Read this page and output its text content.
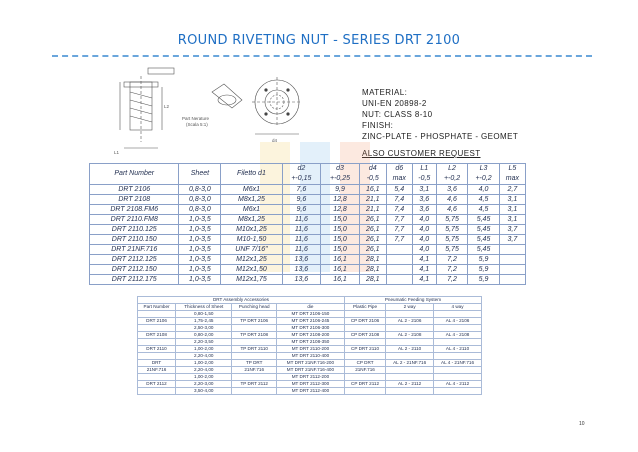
ROUND RIVETING NUT - SERIES DRT 2100
Part Nerature
(Scala 5:1)
L1
L2
d4
MATERIAL:
UNI-EN 20898-2
NUT: CLASS 8-10
FINISH:
ZINC-PLATE - PHOSPHATE - GEOMET
ALSO CUSTOMER REQUEST
Part Number	Sheet	Filetto d1	d2	d3	d4	d6	L1	L2	L3	L5
			+-0,15	+-0,25	-0,5	max	-0,5	+-0,2	+-0,2	max
DRT 2106	0,8-3,0	M6x1	7,6	9,9	16,1	5,4	3,1	3,6	4,0	2,7
DRT 2108	0,8-3,0	M8x1,25	9,6	12,8	21,1	7,4	3,6	4,6	4,5	3,1
DRT 2108.FM6	0,8-3,0	M6x1	9,6	12,8	21,1	7,4	3,6	4,6	4,5	3,1
DRT 2110.FM8	1,0-3,5	M8x1,25	11,6	15,0	26,1	7,7	4,0	5,75	5,45	3,1
DRT 2110.125	1,0-3,5	M10x1,25	11,6	15,0	26,1	7,7	4,0	5,75	5,45	3,7
DRT 2110.150	1,0-3,5	M10-1,50	11,6	15,0	26,1	7,7	4,0	5,75	5,45	3,7
DRT 21NF.716	1,0-3,5	UNF 7/16"	11,6	15,0	26,1		4,0	5,75	5,45	
DRT 2112.125	1,0-3,5	M12x1,25	13,6	16,1	28,1		4,1	7,2	5,9	
DRT 2112.150	1,0-3,5	M12x1,50	13,6	16,1	28,1		4,1	7,2	5,9	
DRT 2112.175	1,0-3,5	M12x1,75	13,6	16,1	28,1		4,1	7,2	5,9	
DRT Assembly Accessories				Pneumatic Feeding System		
Part Number	Thickness of Sheet	Punching head	die	Plastic Pipe	2 way	4 way
	0,80-1,50		MT DRT 2106-150			
DRT 2106	1,75-2,45	TP DRT 2106	MT DRT 2106-245	CP DRT 2106	AL 2 - 2106	AL 4 - 2106
	2,50-3,00		MT DRT 2106-300			
DRT 2108	0,80-2,00	TP DRT 2108	MT DRT 2108-200	CP DRT 2108	AL 2 - 2108	AL 4 - 2108
	2,20-3,50		MT DRT 2108-350			
DRT 2110	1,00-2,00	TP DRT 2110	MT DRT 2110-200	CP DRT 2110	AL 2 - 2110	AL 4 - 2110
	2,20-4,00		MT DRT 2110-400			
DRT	1,00-2,00	TP DRT	MT DRT 21NF.716-200	CP DRT	AL 2 - 21NF.716	AL 4 - 21NF.716
21NF.716	2,20-4,00	21NF.716	MT DRT 21NF.716-400	21NF.716		
	1,00-2,00		MT DRT 2112-200			
DRT 2112	2,20-3,00	TP DRT 2112	MT DRT 2112-300	CP DRT 2112	AL 2 - 2112	AL 4 - 2112
	3,50-4,00		MT DRT 2112-400			
10
